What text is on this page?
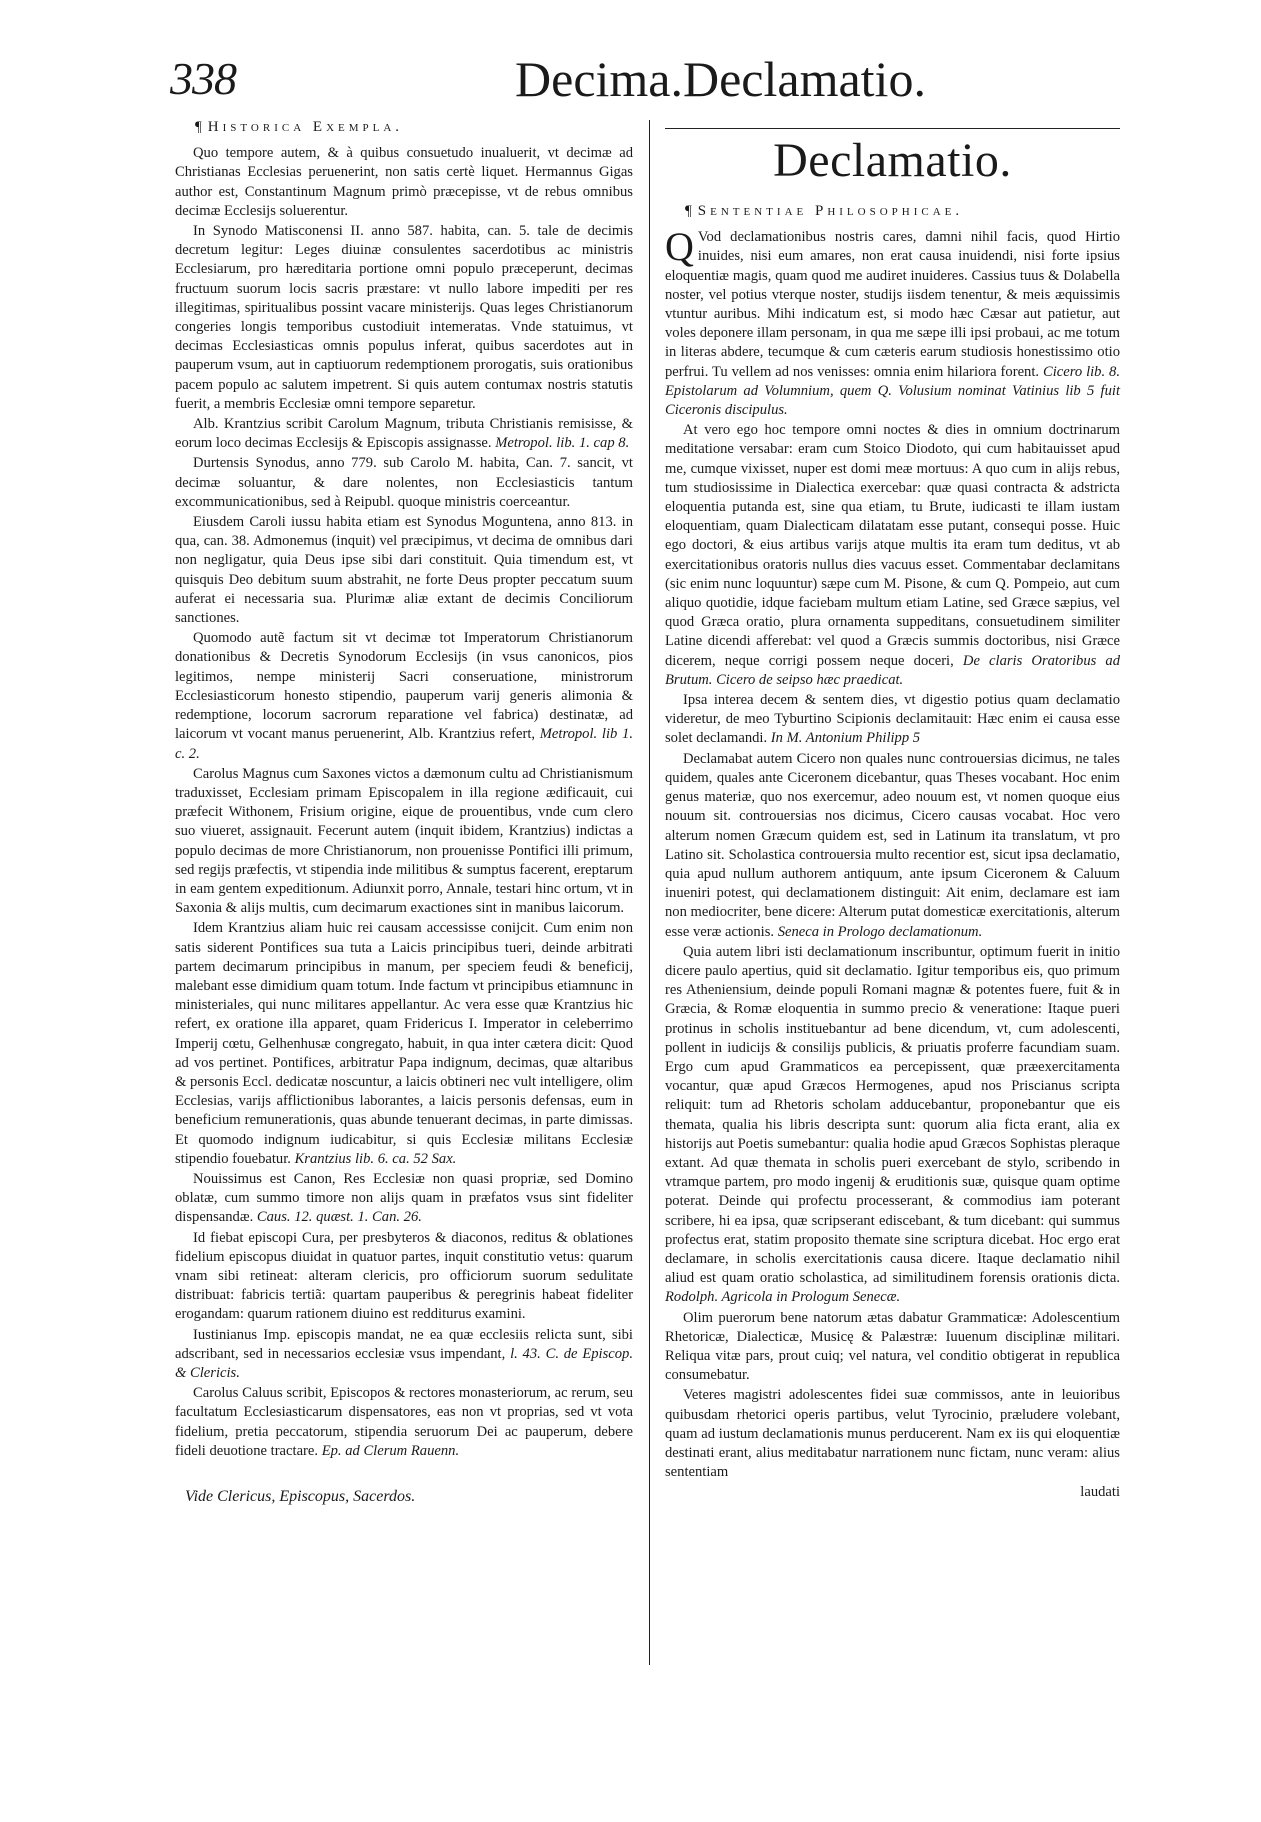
338	Decima.Declamatio.
¶ Historica Exempla.

Quo tempore autem, & à quibus consuetudo inualuerit, vt decimæ ad Christianas Ecclesias peruenerint, non satis certè liquet. Hermannus Gigas author est, Constantinum Magnum primò præcepisse, vt de rebus omnibus decimæ Ecclesijs soluerentur.

In Synodo Matisconensi II. anno 587. habita, can. 5. tale de decimis decretum legitur: Leges diuinæ consulentes sacerdotibus ac ministris Ecclesiarum, pro hæreditaria portione omni populo præceperunt, decimas fructuum suorum locis sacris præstare: vt nullo labore impediti per res illegitimas, spiritualibus possint vacare ministerijs. Quas leges Christianorum congeries longis temporibus custodiuit intemeratas. Vnde statuimus, vt decimas Ecclesiasticas omnis populus inferat, quibus sacerdotes aut in pauperum vsum, aut in captiuorum redemptionem prorogatis, suis orationibus pacem populo ac salutem impetrent. Si quis autem contumax nostris statutis fuerit, a membris Ecclesiæ omni tempore separetur.

Alb. Krantzius scribit Carolum Magnum, tributa Christianis remisisse, & eorum loco decimas Ecclesijs & Episcopis assignasse. Metropol. lib. 1. cap 8.

Durtensis Synodus, anno 779. sub Carolo M. habita, Can. 7. sancit, vt decimæ soluantur, & dare nolentes, non Ecclesiasticis tantum excommunicationibus, sed à Reipubl. quoque ministris coerceantur.

Eiusdem Caroli iussu habita etiam est Synodus Moguntena, anno 813. in qua, can. 38. Admonemus (inquit) vel præcipimus, vt decima de omnibus dari non negligatur, quia Deus ipse sibi dari constituit. Quia timendum est, vt quisquis Deo debitum suum abstrahit, ne forte Deus propter peccatum suum auferat ei necessaria sua. Plurimæ aliæ extant de decimis Conciliorum sanctiones.

Quomodo autẽ factum sit vt decimæ tot Imperatorum Christianorum donationibus & Decretis Synodorum Ecclesijs (in vsus canonicos, pios legitimos, nempe ministerij Sacri conseruatione, ministrorum Ecclesiasticorum honesto stipendio, pauperum varij generis alimonia & redemptione, locorum sacrorum reparatione vel fabrica) destinatæ, ad laicorum vt vocant manus peruenerint, Alb. Krantzius refert, Metropol. lib 1. c. 2.

Carolus Magnus cum Saxones victos a dæmonum cultu ad Christianismum traduxisset, Ecclesiam primam Episcopalem in illa regione ædificauit, cui præfecit Withonem, Frisium origine, eique de prouentibus, vnde cum clero suo viueret, assignauit. Fecerunt autem (inquit ibidem, Krantzius) indictas a populo decimas de more Christianorum, non prouenisse Pontifici illi primum, sed regijs præfectis, vt stipendia inde militibus & sumptus facerent, ereptarum in eam gentem expeditionum. Adiunxit porro, Annale, testari hinc ortum, vt in Saxonia & alijs multis, cum decimarum exactiones sint in manibus laicorum.

Idem Krantzius aliam huic rei causam accessisse conijcit. Cum enim non satis siderent Pontifices sua tuta a Laicis principibus tueri, deinde arbitrati partem decimarum principibus in manum, per speciem feudi & beneficij, malebant esse dimidium quam totum. Inde factum vt principibus etiamnunc in ministeriales, qui nunc militares appellantur. Ac vera esse quæ Krantzius hic refert, ex oratione illa apparet, quam Fridericus I. Imperator in celeberrimo Imperij cœtu, Gelhenhusæ congregato, habuit, in qua inter cætera dicit: Quod ad vos pertinet. Pontifices, arbitratur Papa indignum, decimas, quæ altaribus & personis Eccl. dedicatæ noscuntur, a laicis obtineri nec vult intelligere, olim Ecclesias, varijs afflictionibus laborantes, a laicis personis defensas, eum in beneficium remunerationis, quas abunde tenuerant decimas, in parte dimissas. Et quomodo indignum iudicabitur, si quis Ecclesiæ militans Ecclesiæ stipendio fouebatur. Krantzius lib. 6. ca. 52 Sax.

Nouissimus est Canon, Res Ecclesiæ non quasi propriæ, sed Domino oblatæ, cum summo timore non alijs quam in præfatos vsus sint fideliter dispensandæ. Caus. 12. quæst. 1. Can. 26.

Id fiebat episcopi Cura, per presbyteros & diaconos, reditus & oblationes fidelium episcopus diuidat in quatuor partes, inquit constitutio vetus: quarum vnam sibi retineat: alteram clericis, pro officiorum suorum sedulitate distribuat: fabricis tertiã: quartam pauperibus & peregrinis habeat fideliter erogandam: quarum rationem diuino est redditurus examini.

Iustinianus Imp. episcopis mandat, ne ea quæ ecclesiis relicta sunt, sibi adscribant, sed in necessarios ecclesiæ vsus impendant, l. 43. C. de Episcop. & Clericis.

Carolus Caluus scribit, Episcopos & rectores monasteriorum, ac rerum, seu facultatum Ecclesiasticarum dispensatores, eas non vt proprias, sed vt vota fidelium, pretia peccatorum, stipendia seruorum Dei ac pauperum, debere fideli deuotione tractare. Ep. ad Clerum Rauenn.

Vide Clericus, Episcopus, Sacerdos.
Declamatio.
¶ Sententiae Philosophicae.

Q Vod declamationibus nostris cares, damni nihil facis, quod Hirtio inuides, nisi eum amares, non erat causa inuidendi, nisi forte ipsius eloquentiæ magis, quam quod me audiret inuideres. Cassius tuus & Dolabella noster, vel potius vterque noster, studijs iisdem tenentur, & meis æquissimis vtuntur auribus. Mihi indicatum est, si modo hæc Cæsar aut patietur, aut voles deponere illam personam, in qua me sæpe illi ipsi probaui, ac me totum in literas abdere, tecumque & cum cæteris earum studiosis honestissimo otio perfrui. Tu vellem ad nos venisses: omnia enim hilariora forent. Cicero lib. 8. Epistolarum ad Volumnium, quem Q. Volusium nominat Vatinius lib 5 fuit Ciceronis discipulus.

At vero ego hoc tempore omni noctes & dies in omnium doctrinarum meditatione versabar: eram cum Stoico Diodoto, qui cum habitauisset apud me, cumque vixisset, nuper est domi meæ mortuus: A quo cum in alijs rebus, tum studiosissime in Dialectica exercebar: quæ quasi contracta & adstricta eloquentia putanda est, sine qua etiam, tu Brute, iudicasti te illam iustam eloquentiam, quam Dialecticam dilatatam esse putant, consequi posse. Huic ego doctori, & eius artibus varijs atque multis ita eram tum deditus, vt ab exercitationibus oratoris nullus dies vacuus esset. Commentabar declamitans (sic enim nunc loquuntur) sæpe cum M. Pisone, & cum Q. Pompeio, aut cum aliquo quotidie, idque faciebam multum etiam Latine, sed Græce sæpius, vel quod Græca oratio, plura ornamenta suppeditans, consuetudinem similiter Latine dicendi afferebat: vel quod a Græcis summis doctoribus, nisi Græce dicerem, neque corrigi possem neque doceri, De claris Oratoribus ad Brutum. Cicero de seipso hæc praedicat.

Ipsa interea decem & sentem dies, vt digestio potius quam declamatio videretur, de meo Tyburtino Scipionis declamitauit: Hæc enim ei causa esse solet declamandi. In M. Antonium Philipp 5

Declamabat autem Cicero non quales nunc controuersias dicimus, ne tales quidem, quales ante Ciceronem dicebantur, quas Theses vocabant. Hoc enim genus materiæ, quo nos exercemur, adeo nouum est, vt nomen quoque eius nouum sit. controuersias nos dicimus, Cicero causas vocabat. Hoc vero alterum nomen Græcum quidem est, sed in Latinum ita translatum, vt pro Latino sit. Scholastica controuersia multo recentior est, sicut ipsa declamatio, quia apud nullum authorem antiquum, ante ipsum Ciceronem & Caluum inueniri potest, qui declamationem distinguit: Ait enim, declamare est iam non mediocriter, bene dicere: Alterum putat domesticæ exercitationis, alterum esse veræ actionis. Seneca in Prologo declamationum.

Quia autem libri isti declamationum inscribuntur, optimum fuerit in initio dicere paulo apertius, quid sit declamatio. Igitur temporibus eis, quo primum res Atheniensium, deinde populi Romani magnæ & potentes fuere, fuit & in Græcia, & Romæ eloquentia in summo precio & veneratione: Itaque pueri protinus in scholis instituebantur ad bene dicendum, vt, cum adolescenti, pollent in iudicijs & consilijs publicis, & priuatis proferre facundiam suam. Ergo cum apud Grammaticos ea percepissent, quæ præexercitamenta vocantur, quæ apud Græcos Hermogenes, apud nos Priscianus scripta reliquit: tum ad Rhetoris scholam adducebantur, proponebantur que eis themata, qualia his libris descripta sunt: quorum alia ficta erant, alia ex historijs aut Poetis sumebantur: qualia hodie apud Græcos Sophistas pleraque extant. Ad quæ themata in scholis pueri exercebant de stylo, scribendo in vtramque partem, pro modo ingenij & eruditionis suæ, quisque quam optime poterat. Deinde qui profectu processerant, & commodius iam poterant scribere, hi ea ipsa, quæ scripserant ediscebant, & tum dicebant: qui summus profectus erat, statim proposito themate sine scriptura dicebat. Hoc ergo erat declamare, in scholis exercitationis causa dicere. Itaque declamatio nihil aliud est quam oratio scholastica, ad similitudinem forensis orationis dicta. Rodolph. Agricola in Prologum Senecæ.

Olim puerorum bene natorum ætas dabatur Grammaticæ: Adolescentium Rhetoricæ, Dialecticæ, Musicę & Palæstræ: Iuuenum disciplinæ militari. Reliqua vitæ pars, prout cuiq; vel natura, vel conditio obtigerat in republica consumebatur.

Veteres magistri adolescentes fidei suæ commissos, ante in leuioribus quibusdam rhetorici operis partibus, velut Tyrocinio, præludere volebant, quam ad iustum declamationis munus perducerent. Nam ex iis qui eloquentiæ destinati erant, alius meditabatur narrationem nunc fictam, nunc veram: alius sententiam

laudati
